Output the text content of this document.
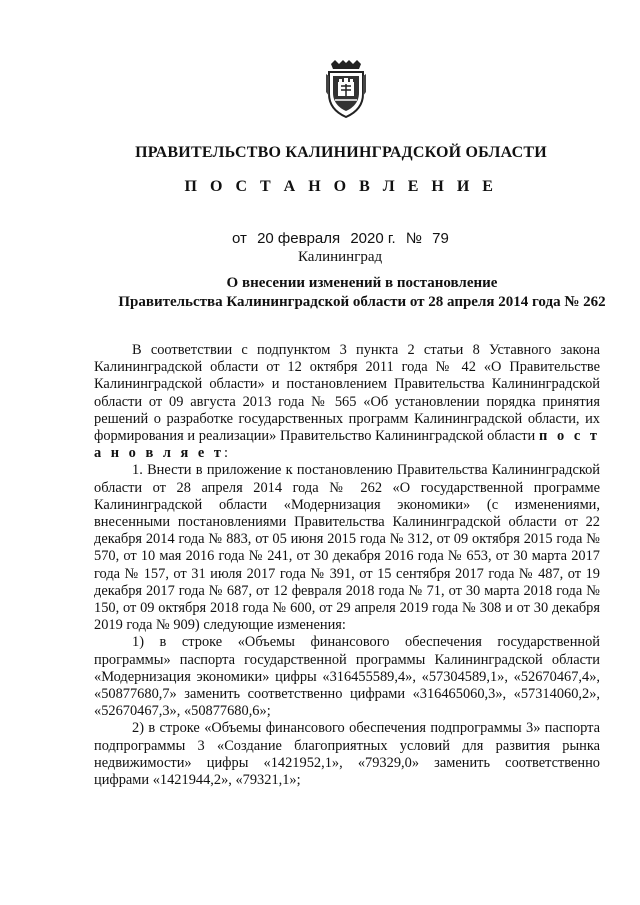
ПРАВИТЕЛЬСТВО КАЛИНИНГРАДСКОЙ ОБЛАСТИ
П О С Т А Н О В Л Е Н И Е
от 20 февраля 2020 г. № 79
Калининград
О внесении изменений в постановление
Правительства Калининградской области от 28 апреля 2014 года № 262

В соответствии с подпунктом 3 пункта 2 статьи 8 Уставного закона Калининградской области от 12 октября 2011 года № 42 «О Правительстве Калининградской области» и постановлением Правительства Калининградской области от 09 августа 2013 года № 565 «Об установлении порядка принятия решений о разработке государственных программ Калининградской области, их формирования и реализации» Правительство Калининградской области п о с т а н о в л я е т:

1. Внести в приложение к постановлению Правительства Калининградской области от 28 апреля 2014 года № 262 «О государственной программе Калининградской области «Модернизация экономики» (с изменениями, внесенными постановлениями Правительства Калининградской области от 22 декабря 2014 года № 883, от 05 июня 2015 года № 312, от 09 октября 2015 года № 570, от 10 мая 2016 года № 241, от 30 декабря 2016 года № 653, от 30 марта 2017 года № 157, от 31 июля 2017 года № 391, от 15 сентября 2017 года № 487, от 19 декабря 2017 года № 687, от 12 февраля 2018 года № 71, от 30 марта 2018 года № 150, от 09 октября 2018 года № 600, от 29 апреля 2019 года № 308 и от 30 декабря 2019 года № 909) следующие изменения:

1) в строке «Объемы финансового обеспечения государственной программы» паспорта государственной программы Калининградской области «Модернизация экономики» цифры «316455589,4», «57304589,1», «52670467,4», «50877680,7» заменить соответственно цифрами «316465060,3», «57314060,2», «52670467,3», «50877680,6»;

2) в строке «Объемы финансового обеспечения подпрограммы 3» паспорта подпрограммы 3 «Создание благоприятных условий для развития рынка недвижимости» цифры «1421952,1», «79329,0» заменить соответственно цифрами «1421944,2», «79321,1»;
